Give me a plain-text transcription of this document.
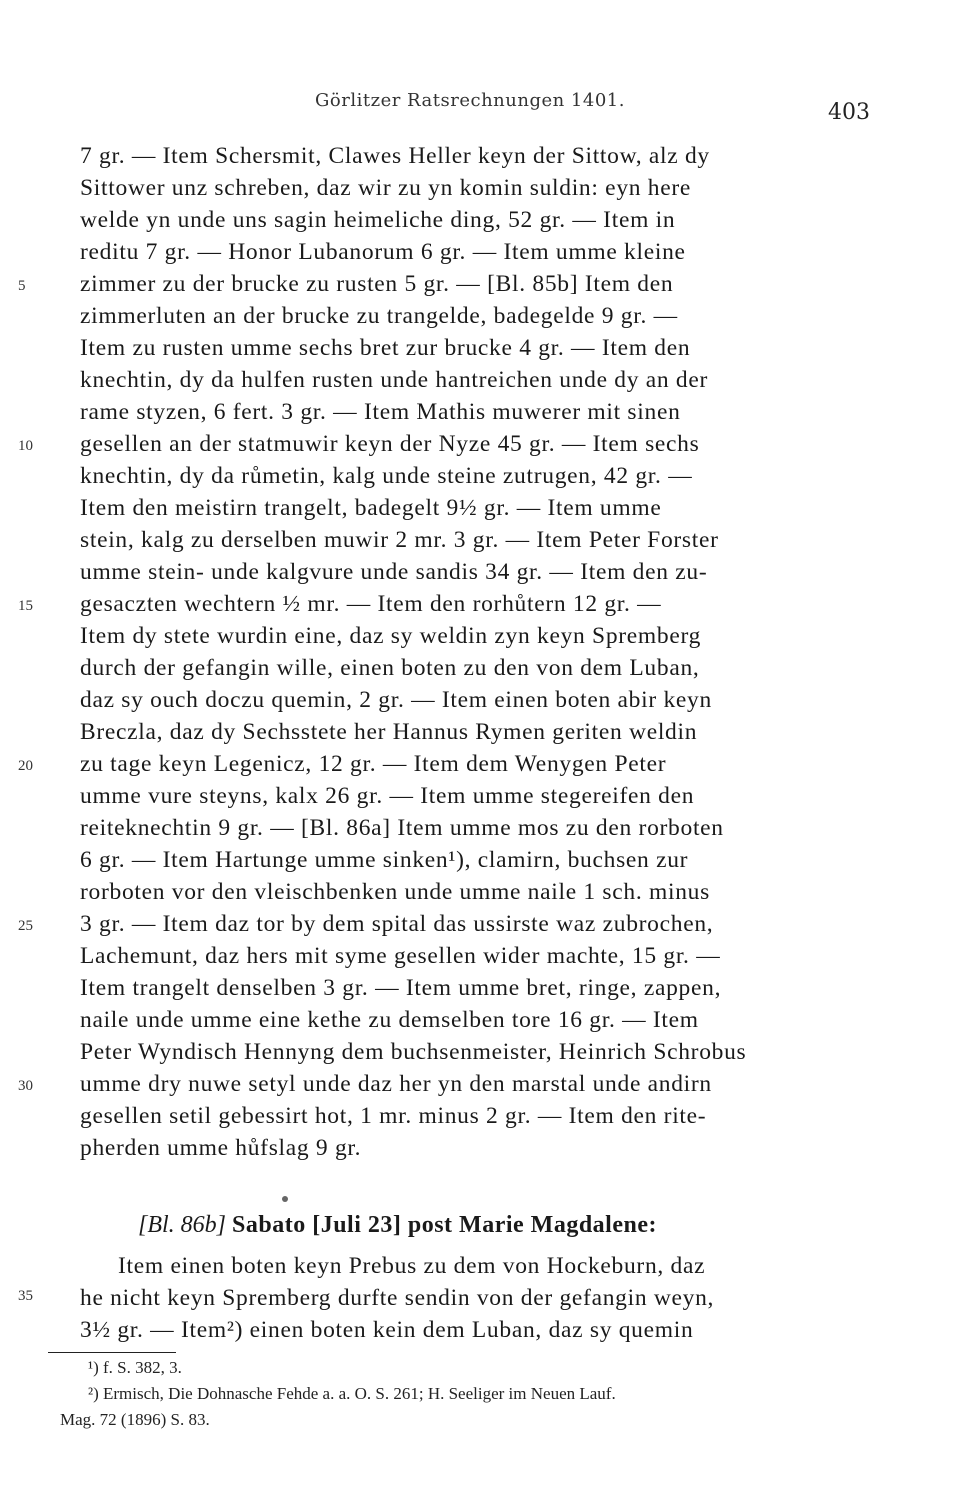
Görlitzer Ratsrechnungen 1401.	403
7 gr. — Item Schersmit, Clawes Heller keyn der Sittow, alz dy
Sittower unz schreben, daz wir zu yn komin suldin: eyn here
welde yn unde uns sagin heimeliche ding, 52 gr. — Item in
reditu 7 gr. — Honor Lubanorum 6 gr. — Item umme kleine
zimmer zu der brucke zu rusten 5 gr. — [Bl. 85b] Item den
zimmerluten an der brucke zu trangelde, badegelde 9 gr. —
Item zu rusten umme sechs bret zur brucke 4 gr. — Item den
knechtin, dy da hulfen rusten unde hantreichen unde dy an der
rame styzen, 6 fert. 3 gr. — Item Mathis muwerer mit sinen
gesellen an der statmuwir keyn der Nyze 45 gr. — Item sechs
knechtin, dy da růmetin, kalg unde steine zutrugen, 42 gr. —
Item den meistirn trangelt, badegelt 9½ gr. — Item umme
stein, kalg zu derselben muwir 2 mr. 3 gr. — Item Peter Forster
umme stein- unde kalgvure unde sandis 34 gr. — Item den zu-
gesaczten wechtern ½ mr. — Item den rorhůtern 12 gr. —
Item dy stete wurdin eine, daz sy weldin zyn keyn Spremberg
durch der gefangin wille, einen boten zu den von dem Luban,
daz sy ouch doczu quemin, 2 gr. — Item einen boten abir keyn
Breczla, daz dy Sechsstete her Hannus Rymen geriten weldin
zu tage keyn Legenicz, 12 gr. — Item dem Wenygen Peter
umme vure steyns, kalx 26 gr. — Item umme stegereifen den
reiteknechtin 9 gr. — [Bl. 86a] Item umme mos zu den rorboten
6 gr. — Item Hartunge umme sinken¹), clamirn, buchsen zur
rorboten vor den vleischbenken unde umme naile 1 sch. minus
3 gr. — Item daz tor by dem spital das ussirste waz zubrochen,
Lachemunt, daz hers mit syme gesellen wider machte, 15 gr. —
Item trangelt denselben 3 gr. — Item umme bret, ringe, zappen,
naile unde umme eine kethe zu demselben tore 16 gr. — Item
Peter Wyndisch Hennyng dem buchsenmeister, Heinrich Schrobus
umme dry nuwe setyl unde daz her yn den marstal unde andirn
gesellen setil gebessirt hot, 1 mr. minus 2 gr. — Item den rite-
pherden umme hůfslag 9 gr.
5
10
15
20
25
30
35
[Bl. 86b] Sabato [Juli 23] post Marie Magdalene:
Item einen boten keyn Prebus zu dem von Hockeburn, daz
he nicht keyn Spremberg durfte sendin von der gefangin weyn,
3½ gr. — Item²) einen boten kein dem Luban, daz sy quemin
¹) f. S. 382, 3.
²) Ermisch, Die Dohnasche Fehde a. a. O. S. 261; H. Seeliger im Neuen Lauf.
Mag. 72 (1896) S. 83.
